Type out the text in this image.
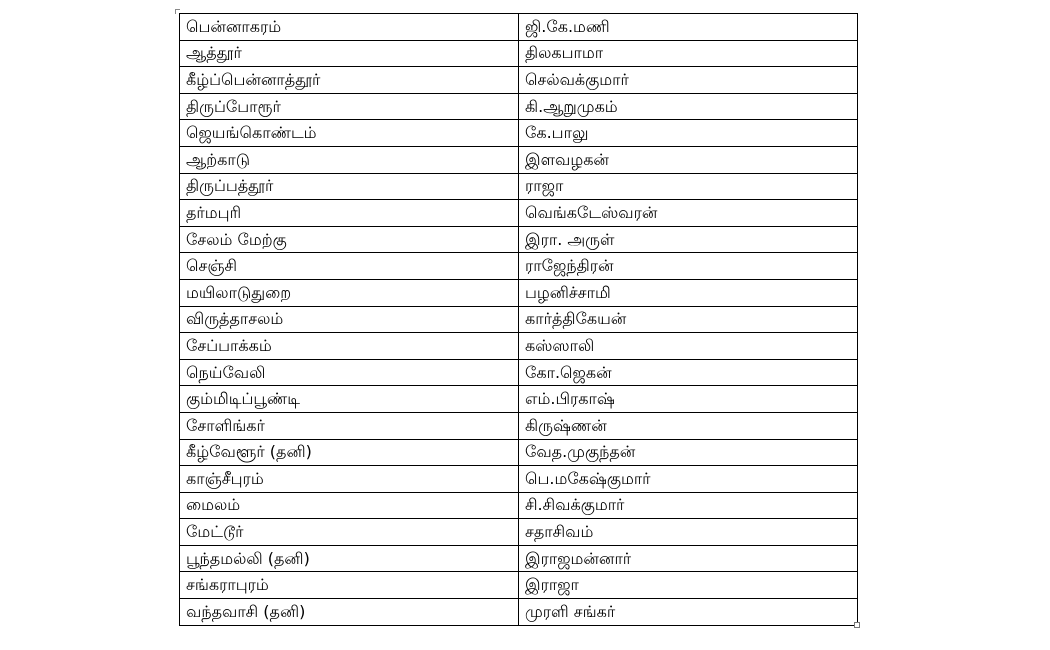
பென்னாகரம்	ஜி.கே.மணி
ஆத்தூர்	திலகபாமா
கீழ்ப்பென்னாத்தூர்	செல்வக்குமார்
திருப்போரூர்	கி.ஆறுமுகம்
ஜெயங்கொண்டம்	கே.பாலு
ஆற்காடு	இளவழகன்
திருப்பத்தூர்	ராஜா
தர்மபுரி	வெங்கடேஸ்வரன்
சேலம் மேற்கு	இரா. அருள்
செஞ்சி	ராஜேந்திரன்
மயிலாடுதுறை	பழனிச்சாமி
விருத்தாசலம்	கார்த்திகேயன்
சேப்பாக்கம்	கஸ்ஸாலி
நெய்வேலி	கோ.ஜெகன்
கும்மிடிப்பூண்டி	எம்.பிரகாஷ்
சோளிங்கர்	கிருஷ்ணன்
கீழ்வேளூர் (தனி)	வேத.முகுந்தன்
காஞ்சீபுரம்	பெ.மகேஷ்குமார்
மைலம்	சி.சிவக்குமார்
மேட்டூர்	சதாசிவம்
பூந்தமல்லி (தனி)	இராஜமன்னார்
சங்கராபுரம்	இராஜா
வந்தவாசி (தனி)	முரளி சங்கர்
